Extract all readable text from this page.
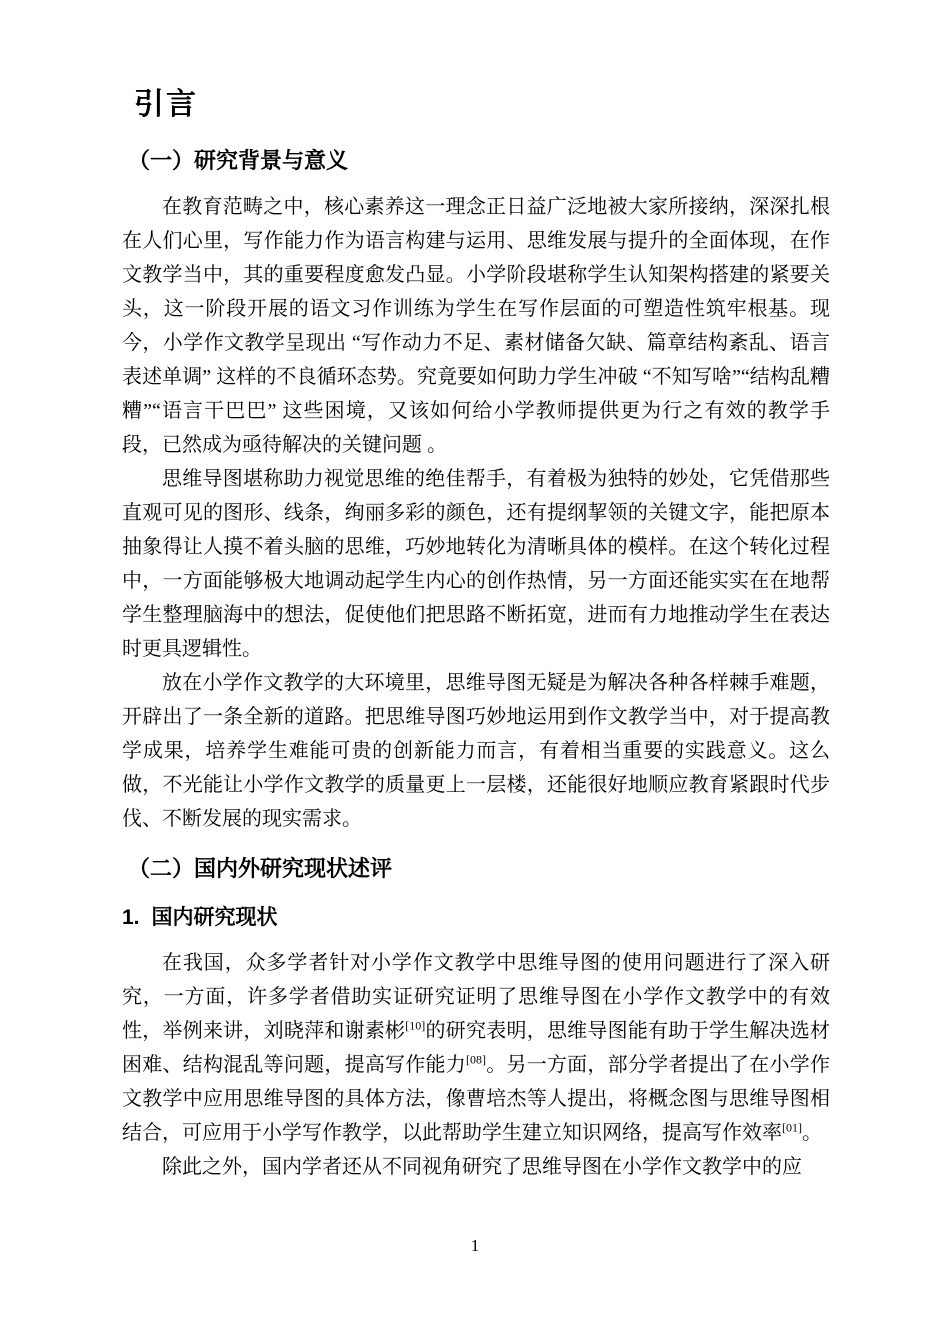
引言
（一）研究背景与意义

在教育范畴之中，核心素养这一理念正日益广泛地被大家所接纳，深深扎根在人们心里，写作能力作为语言构建与运用、思维发展与提升的全面体现，在作文教学当中，其的重要程度愈发凸显。小学阶段堪称学生认知架构搭建的紧要关头，这一阶段开展的语文习作训练为学生在写作层面的可塑造性筑牢根基。现今，小学作文教学呈现出 “写作动力不足、素材储备欠缺、篇章结构紊乱、语言表述单调” 这样的不良循环态势。究竟要如何助力学生冲破 “不知写啥”“结构乱糟糟”“语言干巴巴” 这些困境，又该如何给小学教师提供更为行之有效的教学手段，已然成为亟待解决的关键问题 。

思维导图堪称助力视觉思维的绝佳帮手，有着极为独特的妙处，它凭借那些直观可见的图形、线条，绚丽多彩的颜色，还有提纲挈领的关键文字，能把原本抽象得让人摸不着头脑的思维，巧妙地转化为清晰具体的模样。在这个转化过程中，一方面能够极大地调动起学生内心的创作热情，另一方面还能实实在在地帮学生整理脑海中的想法，促使他们把思路不断拓宽，进而有力地推动学生在表达时更具逻辑性。

放在小学作文教学的大环境里，思维导图无疑是为解决各种各样棘手难题，开辟出了一条全新的道路。把思维导图巧妙地运用到作文教学当中，对于提高教学成果，培养学生难能可贵的创新能力而言，有着相当重要的实践意义。这么做，不光能让小学作文教学的质量更上一层楼，还能很好地顺应教育紧跟时代步伐、不断发展的现实需求。

（二）国内外研究现状述评
1. 国内研究现状

在我国，众多学者针对小学作文教学中思维导图的使用问题进行了深入研究，一方面，许多学者借助实证研究证明了思维导图在小学作文教学中的有效性，举例来讲，刘晓萍和谢素彬[10]的研究表明，思维导图能有助于学生解决选材困难、结构混乱等问题，提高写作能力[08]。另一方面，部分学者提出了在小学作文教学中应用思维导图的具体方法，像曹培杰等人提出，将概念图与思维导图相结合，可应用于小学写作教学，以此帮助学生建立知识网络，提高写作效率[01]。

除此之外，国内学者还从不同视角研究了思维导图在小学作文教学中的应

1
